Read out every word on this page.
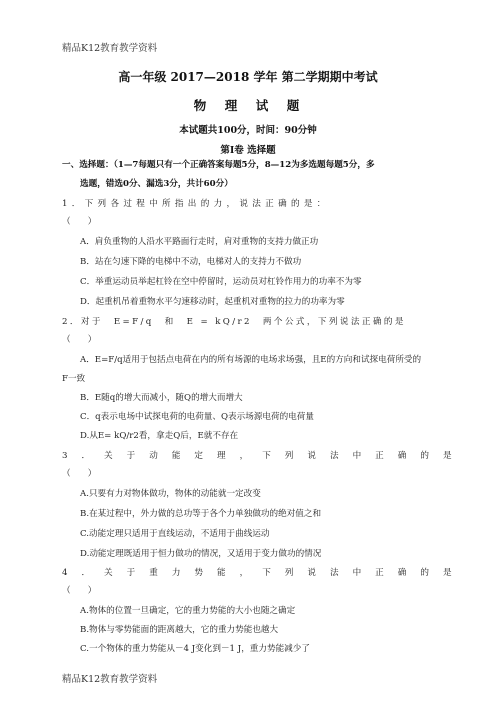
精品K12教育教学资料
高一年级 2017—2018 学年 第二学期期中考试
物　理　试　题
本试题共100分，时间：90分钟
第I卷 选择题
一、选择题：（1—7每题只有一个正确答案每题5分，8—12为多选题每题5分，多
选题，错选0分、漏选3分，共计60分）
1．下列各过程中所指出的力，说法正确的是：
（　　）
A．肩负重物的人沿水平路面行走时，肩对重物的支持力做正功
B．站在匀速下降的电梯中不动，电梯对人的支持力不做功
C．举重运动员举起杠铃在空中停留时，运动员对杠铃作用力的功率不为零
D．起重机吊着重物水平匀速移动时，起重机对重物的拉力的功率为零
2．对于　E=F/q　和　E = kQ/r2　两个公式，下列说法正确的是
（　　）
A．E=F/q适用于包括点电荷在内的所有场源的电场求场强，且E的方向和试探电荷所受的
F一致
B．E随q的增大而减小，随Q的增大而增大
C．q表示电场中试探电荷的电荷量、Q表示场源电荷的电荷量
D.从E= kQ/r2看，拿走Q后，E就不存在
3．关于动能定理，下列说法中正确的是
（　　）
A.只要有力对物体做功，物体的动能就一定改变
B.在某过程中，外力做的总功等于各个力单独做功的绝对值之和
C.动能定理只适用于直线运动，不适用于曲线运动
D.动能定理既适用于恒力做功的情况，又适用于变力做功的情况
4．关于重力势能，下列说法中正确的是
（　　）
A.物体的位置一旦确定，它的重力势能的大小也随之确定
B.物体与零势能面的距离越大，它的重力势能也越大
C.一个物体的重力势能从－4 J变化到－1 J，重力势能减少了
精品K12教育教学资料
